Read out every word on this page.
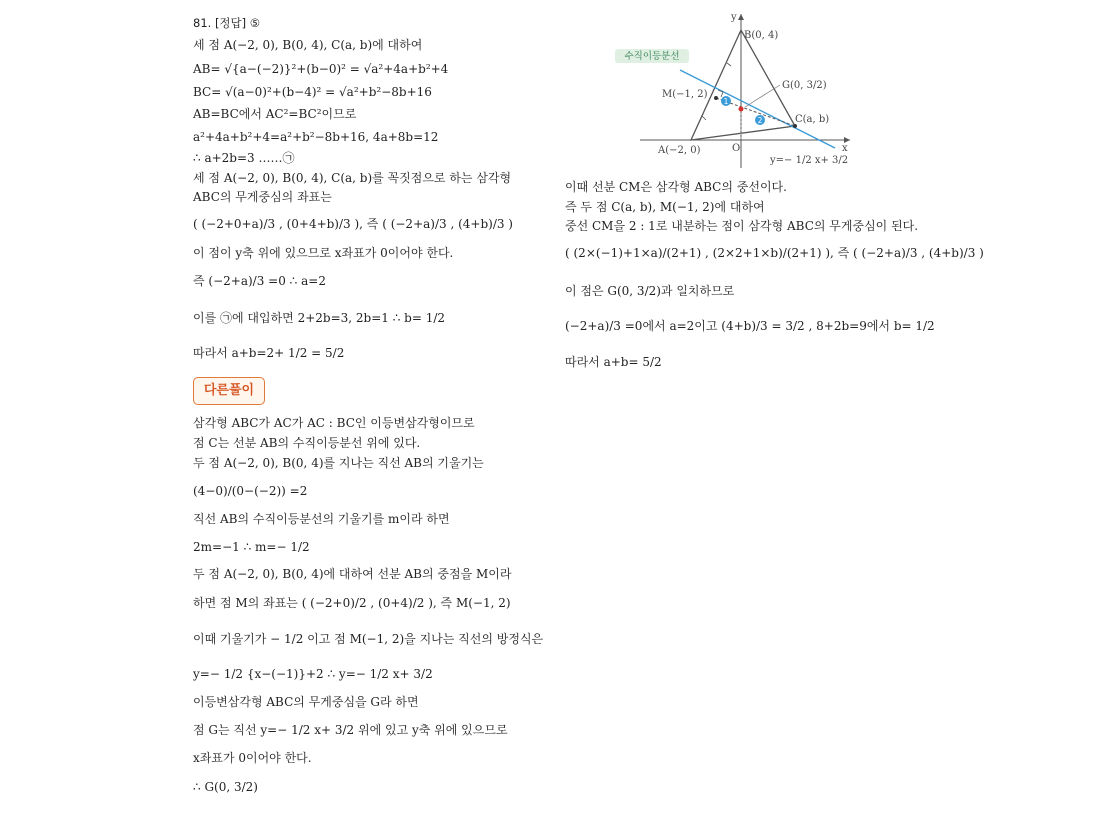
81. [정답] ⑤
세 점 A(−2, 0), B(0, 4), C(a, b)에 대하여
AB= √{a−(−2)}²+(b−0)² = √a²+4a+b²+4
BC= √(a−0)²+(b−4)² = √a²+b²−8b+16
AB=BC에서 AC²=BC²이므로
a²+4a+b²+4=a²+b²−8b+16, 4a+8b=12
∴ a+2b=3 ……㉠
세 점 A(−2, 0), B(0, 4), C(a, b)를 꼭짓점으로 하는 삼각형
ABC의 무게중심의 좌표는
( (−2+0+a)/3 , (0+4+b)/3 ), 즉 ( (−2+a)/3 , (4+b)/3 )
이 점이 y축 위에 있으므로 x좌표가 0이어야 한다.
즉 (−2+a)/3 =0 ∴ a=2
이를 ㉠에 대입하면 2+2b=3, 2b=1 ∴ b= 1/2
따라서 a+b=2+ 1/2 = 5/2
다른풀이
삼각형 ABC가 AC가 AC : BC인 이등변삼각형이므로
점 C는 선분 AB의 수직이등분선 위에 있다.
두 점 A(−2, 0), B(0, 4)를 지나는 직선 AB의 기울기는
(4−0)/(0−(−2)) =2
직선 AB의 수직이등분선의 기울기를 m이라 하면
2m=−1 ∴ m=− 1/2
두 점 A(−2, 0), B(0, 4)에 대하여 선분 AB의 중점을 M이라
하면 점 M의 좌표는 ( (−2+0)/2 , (0+4)/2 ), 즉 M(−1, 2)
이때 기울기가 − 1/2 이고 점 M(−1, 2)을 지나는 직선의 방정식은
y=− 1/2 {x−(−1)}+2 ∴ y=− 1/2 x+ 3/2
이등변삼각형 ABC의 무게중심을 G라 하면
점 G는 직선 y=− 1/2 x+ 3/2 위에 있고 y축 위에 있으므로
x좌표가 0이어야 한다.
∴ G(0, 3/2)
이때 선분 CM은 삼각형 ABC의 중선이다.
즉 두 점 C(a, b), M(−1, 2)에 대하여
중선 CM을 2 : 1로 내분하는 점이 삼각형 ABC의 무게중심이 된다.
( (2×(−1)+1×a)/(2+1) , (2×2+1×b)/(2+1) ), 즉 ( (−2+a)/3 , (4+b)/3 )
이 점은 G(0, 3/2)과 일치하므로
(−2+a)/3 =0에서 a=2이고 (4+b)/3 = 3/2 , 8+2b=9에서 b= 1/2
따라서 a+b= 5/2
1
2
수직이등분선
y
x
O
B(0, 4)
A(−2, 0)
M(−1, 2)
G(0, 3/2)
C(a, b)
y=− 1/2 x+ 3/2
